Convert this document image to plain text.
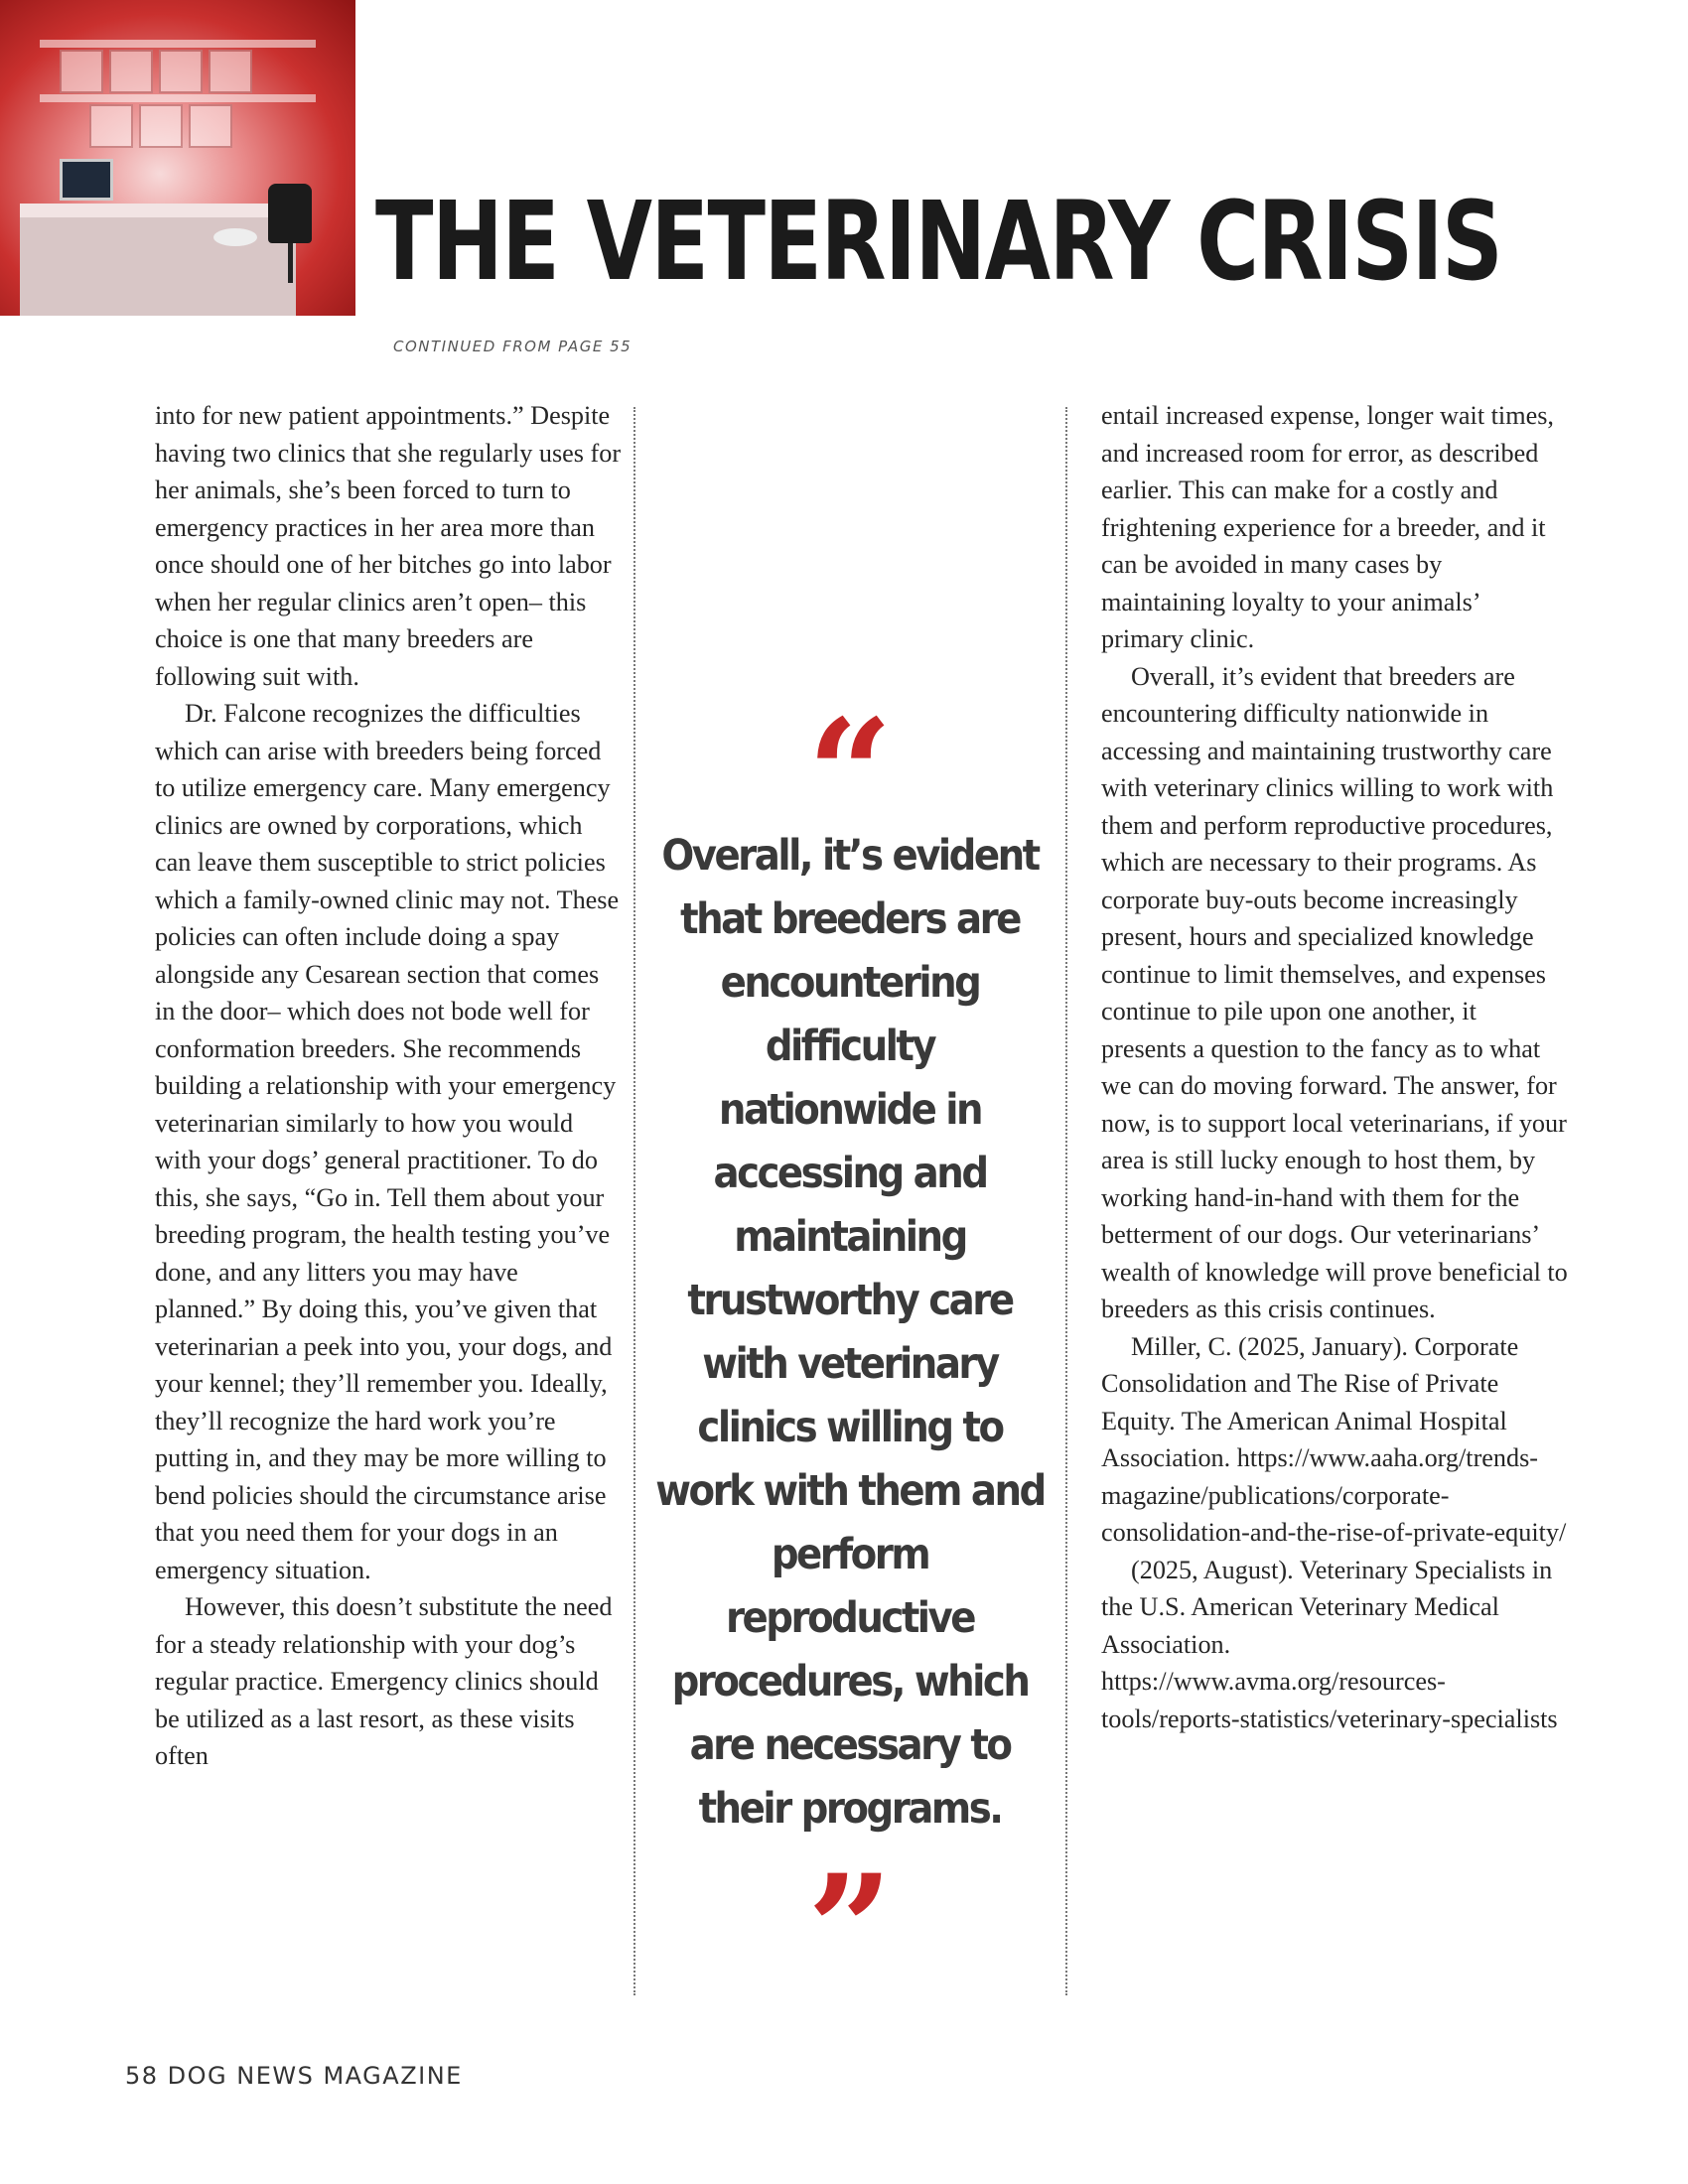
THE VETERINARY CRISIS
CONTINUED FROM PAGE 55

into for new patient appointments.” Despite having two clinics that she regularly uses for her animals, she’s been forced to turn to emergency practices in her area more than once should one of her bitches go into labor when her regular clinics aren’t open– this choice is one that many breeders are following suit with.

Dr. Falcone recognizes the difficulties which can arise with breeders being forced to utilize emergency care. Many emergency clinics are owned by corporations, which can leave them susceptible to strict policies which a family-owned clinic may not. These policies can often include doing a spay alongside any Cesarean section that comes in the door– which does not bode well for conformation breeders. She recommends building a relationship with your emergency veterinarian similarly to how you would with your dogs’ general practitioner. To do this, she says, “Go in. Tell them about your breeding program, the health testing you’ve done, and any litters you may have planned.” By doing this, you’ve given that veterinarian a peek into you, your dogs, and your kennel; they’ll remember you. Ideally, they’ll recognize the hard work you’re putting in, and they may be more willing to bend policies should the circumstance arise that you need them for your dogs in an emergency situation.

However, this doesn’t substitute the need for a steady relationship with your dog’s regular practice. Emergency clinics should be utilized as a last resort, as these visits often

“
Overall, it’s evident that breeders are encountering difficulty nationwide in accessing and maintaining trustworthy care with veterinary clinics willing to work with them and perform reproductive procedures, which are necessary to their programs.
”

entail increased expense, longer wait times, and increased room for error, as described earlier. This can make for a costly and frightening experience for a breeder, and it can be avoided in many cases by maintaining loyalty to your animals’ primary clinic.

Overall, it’s evident that breeders are encountering difficulty nationwide in accessing and maintaining trustworthy care with veterinary clinics willing to work with them and perform reproductive procedures, which are necessary to their programs. As corporate buy-outs become increasingly present, hours and specialized knowledge continue to limit themselves, and expenses continue to pile upon one another, it presents a question to the fancy as to what we can do moving forward. The answer, for now, is to support local veterinarians, if your area is still lucky enough to host them, by working hand-in-hand with them for the betterment of our dogs. Our veterinarians’ wealth of knowledge will prove beneficial to breeders as this crisis continues.

Miller, C. (2025, January). Corporate Consolidation and The Rise of Private Equity. The American Animal Hospital Association. https://www.aaha.org/trends-magazine/publications/corporate-consolidation-and-the-rise-of-private-equity/

(2025, August). Veterinary Specialists in the U.S. American Veterinary Medical Association. https://www.avma.org/resources-tools/reports-statistics/veterinary-specialists

58 DOG NEWS MAGAZINE
